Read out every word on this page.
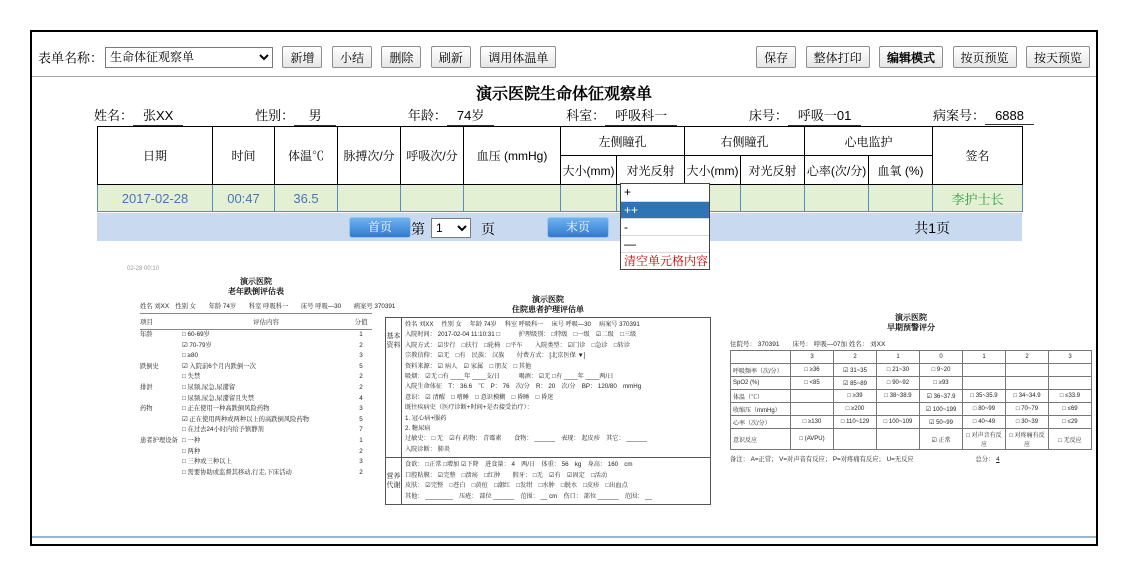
表单名称：
生命体征观察单	新增 小结 删除 刷新 调用体温单	保存 整体打印 编辑模式 按页预览 按天预览
演示医院生命体征观察单
姓名： 张XX	性别： 男	年龄： 74岁	科室： 呼吸科一	床号： 呼吸一01	病案号： 6888
日期	时间	体温℃	脉搏次/分	呼吸次/分	血压 (mmHg)	左侧瞳孔		右侧瞳孔		心电监护		签名
						大小(mm)	对光反射	大小(mm)	对光反射	心率(次/分)	血氧 (%)	
2017-02-28	00:47	36.5										李护士长
首页	第
1	页	末页	共1页
+
++
-
—
清空单元格内容
02-28 00:10
演示医院
老年跌倒评估表
姓名 刘XX　性别 女　　年龄 74岁　　科室 呼吸科一　　床号 呼吸—30　　病案号 370391
项目	评估内容	分值
年龄	□ 60-69岁	1
☑ 70-79岁	2
□ ≥80	3
跌倒史	☑ 入院前6个月内跌倒一次	5
□ 失禁	2
排泄	□ 尿频,尿急,尿潴留	2
□ 尿频,尿急,尿潴留且失禁	4
药物	□ 正在使用一种高跌倒风险药物	3
☑ 正在使用两种或两种以上的高跌倒风险药物	5
□ 在过去24小时内给予镇静剂	7
患者护理设备 □ 一种	1
□ 两种	2
□ 三种或三种以上	3
□ 需要协助或监督其移动,行走,下床活动	2
演示医院
住院患者护理评估单
基本资料
姓名 刘XX　 性别 女　 年龄 74岁　 科室 呼吸科一　 床号 呼吸—30　 病案号 370391
入院时间： 2017-02-04 11:10:31 □　　　护理级别： □特级　□一级　☑二级　□三级
入院方式： ☑步行　□扶行　□轮椅　□平车　　入院类型： ☑门诊　□急诊　□转诊
宗教信仰： ☑无　□有　民族： 汉族　　付费方式： [北京医保 ▼]
资料来源： ☑ 病人　☑ 家属　□ 朋友　□ 其他
吸烟： ☑无 □有 ____年 ____支/日　　　喝酒： ☑无 □有 ____年 ____两/日
入院生命体征　T： 36.6　℃　P： 76　次/分　R： 20　次/分　BP： 120/80　mmHg
意识： ☑ 清醒　□ 嗜睡　□ 意识模糊　□ 昏睡　□ 昏迷
既往疾病史（医疗诊断+时间+是否接受治疗）：
1. 冠心病+服药
2. 糖尿病
过敏史： □ 无　☑有 药物： 青霉素　　食物： ______　表现： 起皮疹　其它： ______
入院诊断： 肺炎
营养代谢
食欲： □正常 □增加 ☑下降　进食量： 4　两/日　体重： 56　kg　身高： 160　cm
口腔粘膜： ☑完整　□溃疡　□红肿　　假牙： □无　☑有　☑固定　□活动
皮肤： ☑完整　□苍白　□黄疸　□潮红　□发绀　□水肿　□脱水　□皮疹　□出血点
其他： ________　压疮： 部位 ______　范围： __ cm　伤口： 部位 ______　范围： __
演示医院
早期预警评分
住院号： 370391　　床号： 呼吸—07加 姓名： 刘XX
	3	2	1	0	1	2	3
呼吸频率（次/分）	□ ≥36	☑ 31~35	□ 21~30	□ 9~20			
SpO2 (%)	□ <85	☑ 85~89	□ 90~92	□ ≥93			
体温（℃）		□ ≥39	□ 38~38.9	☑ 36~37.9	□ 35~35.9	□ 34~34.9	□ ≤33.9
收缩压（mmHg）		□ ≥200		☑ 100~199	□ 80~99	□ 70~79	□ ≤69
心率（次/分）	□ ≥130	□ 110~129	□ 100~109	☑ 50~99	□ 40~49	□ 30~39	□ ≤29
意识反应	□ (AVPU)			☑ 正常	□ 对声音有反应	□ 对疼痛有反应	□ 无反应
备注： A=正常； V=对声音有反应； P=对疼痛有反应； U=无反应	总分： 4
